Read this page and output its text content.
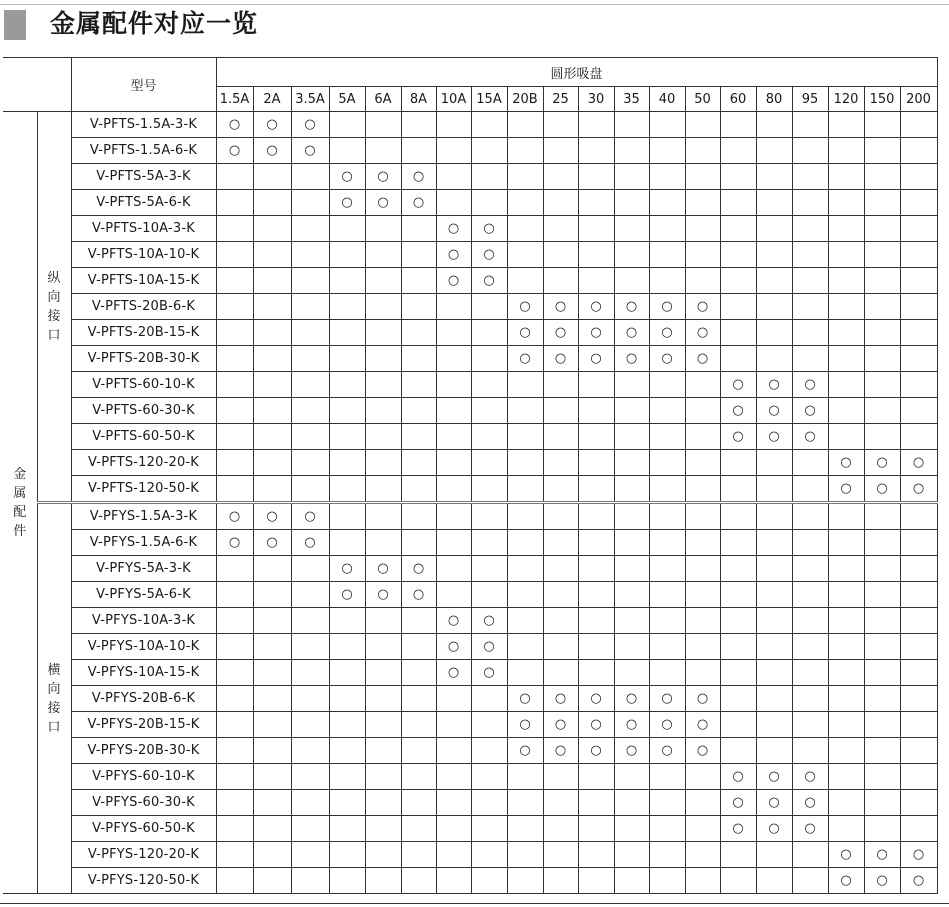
金属配件对应一览
		型号	圆形吸盘																			
			1.5A	2A	3.5A	5A	6A	8A	10A	15A	20B	25	30	35	40	50	60	80	95	120	150	200

金
属
配
件	纵
向
接
口	V-PFTS-1.5A-3-K	○	○	○																	
		V-PFTS-1.5A-6-K	○	○	○																	
		V-PFTS-5A-3-K				○	○	○														
		V-PFTS-5A-6-K				○	○	○														
		V-PFTS-10A-3-K							○	○												
		V-PFTS-10A-10-K							○	○												
		V-PFTS-10A-15-K							○	○												
		V-PFTS-20B-6-K									○	○	○	○	○	○						
		V-PFTS-20B-15-K									○	○	○	○	○	○						
		V-PFTS-20B-30-K									○	○	○	○	○	○						
		V-PFTS-60-10-K															○	○	○			
		V-PFTS-60-30-K															○	○	○			
		V-PFTS-60-50-K															○	○	○			
		V-PFTS-120-20-K																		○	○	○
		V-PFTS-120-50-K																		○	○	○

	横
向
接
口	V-PFYS-1.5A-3-K	○	○	○																	
		V-PFYS-1.5A-6-K	○	○	○																	
		V-PFYS-5A-3-K				○	○	○														
		V-PFYS-5A-6-K				○	○	○														
		V-PFYS-10A-3-K							○	○												
		V-PFYS-10A-10-K							○	○												
		V-PFYS-10A-15-K							○	○												
		V-PFYS-20B-6-K									○	○	○	○	○	○						
		V-PFYS-20B-15-K									○	○	○	○	○	○						
		V-PFYS-20B-30-K									○	○	○	○	○	○						
		V-PFYS-60-10-K															○	○	○			
		V-PFYS-60-30-K															○	○	○			
		V-PFYS-60-50-K															○	○	○			
		V-PFYS-120-20-K																		○	○	○
		V-PFYS-120-50-K																		○	○	○
